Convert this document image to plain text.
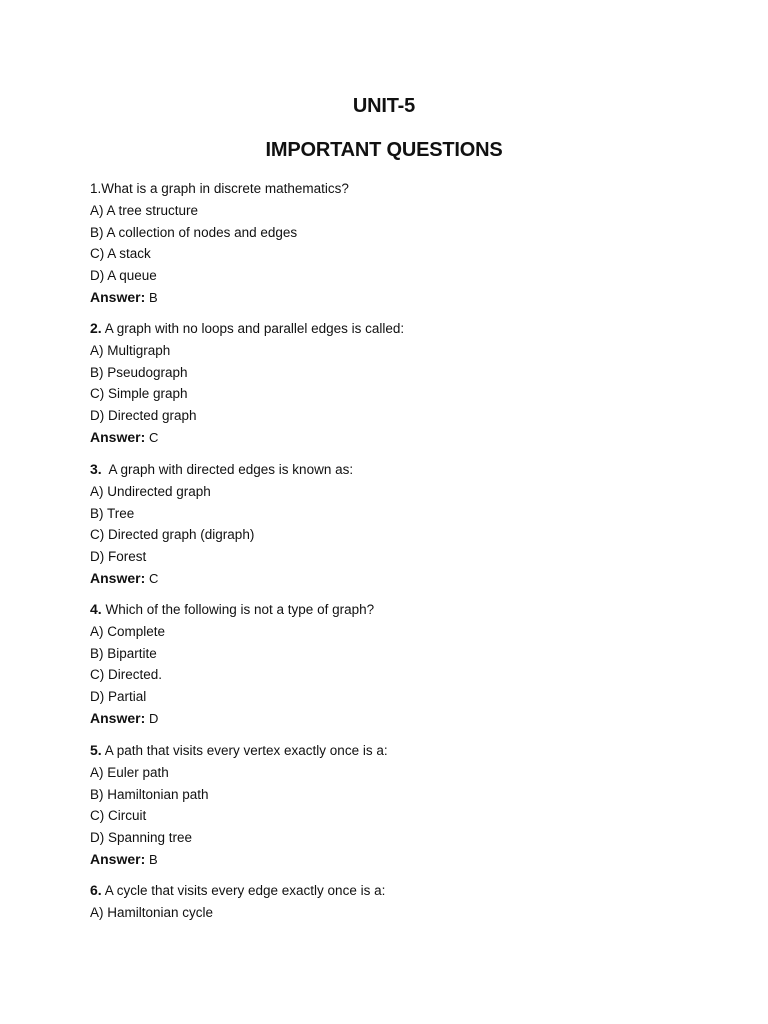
UNIT-5
IMPORTANT QUESTIONS
1.What is a graph in discrete mathematics?
A) A tree structure
B) A collection of nodes and edges
C) A stack
D) A queue
Answer: B
2. A graph with no loops and parallel edges is called:
A) Multigraph
B) Pseudograph
C) Simple graph
D) Directed graph
Answer: C
3. A graph with directed edges is known as:
A) Undirected graph
B) Tree
C) Directed graph (digraph)
D) Forest
Answer: C
4. Which of the following is not a type of graph?
A) Complete
B) Bipartite
C) Directed.
D) Partial
Answer: D
5. A path that visits every vertex exactly once is a:
A) Euler path
B) Hamiltonian path
C) Circuit
D) Spanning tree
Answer: B
6. A cycle that visits every edge exactly once is a:
A) Hamiltonian cycle
